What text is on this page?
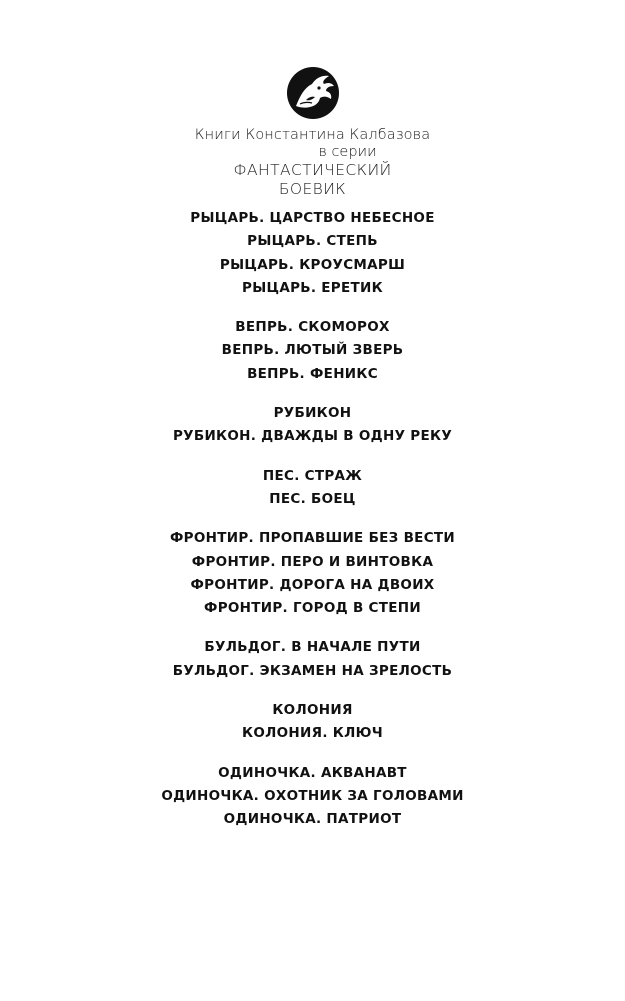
Книги Константина Калбазова
в серии
ФАНТАСТИЧЕСКИЙ
БОЕВИК
РЫЦАРЬ. ЦАРСТВО НЕБЕСНОЕ
РЫЦАРЬ. СТЕПЬ
РЫЦАРЬ. КРОУСМАРШ
РЫЦАРЬ. ЕРЕТИК
ВЕПРЬ. СКОМОРОХ
ВЕПРЬ. ЛЮТЫЙ ЗВЕРЬ
ВЕПРЬ. ФЕНИКС
РУБИКОН
РУБИКОН. ДВАЖДЫ В ОДНУ РЕКУ
ПЕС. СТРАЖ
ПЕС. БОЕЦ
ФРОНТИР. ПРОПАВШИЕ БЕЗ ВЕСТИ
ФРОНТИР. ПЕРО И ВИНТОВКА
ФРОНТИР. ДОРОГА НА ДВОИХ
ФРОНТИР. ГОРОД В СТЕПИ
БУЛЬДОГ. В НАЧАЛЕ ПУТИ
БУЛЬДОГ. ЭКЗАМЕН НА ЗРЕЛОСТЬ
КОЛОНИЯ
КОЛОНИЯ. КЛЮЧ
ОДИНОЧКА. АКВАНАВТ
ОДИНОЧКА. ОХОТНИК ЗА ГОЛОВАМИ
ОДИНОЧКА. ПАТРИОТ
